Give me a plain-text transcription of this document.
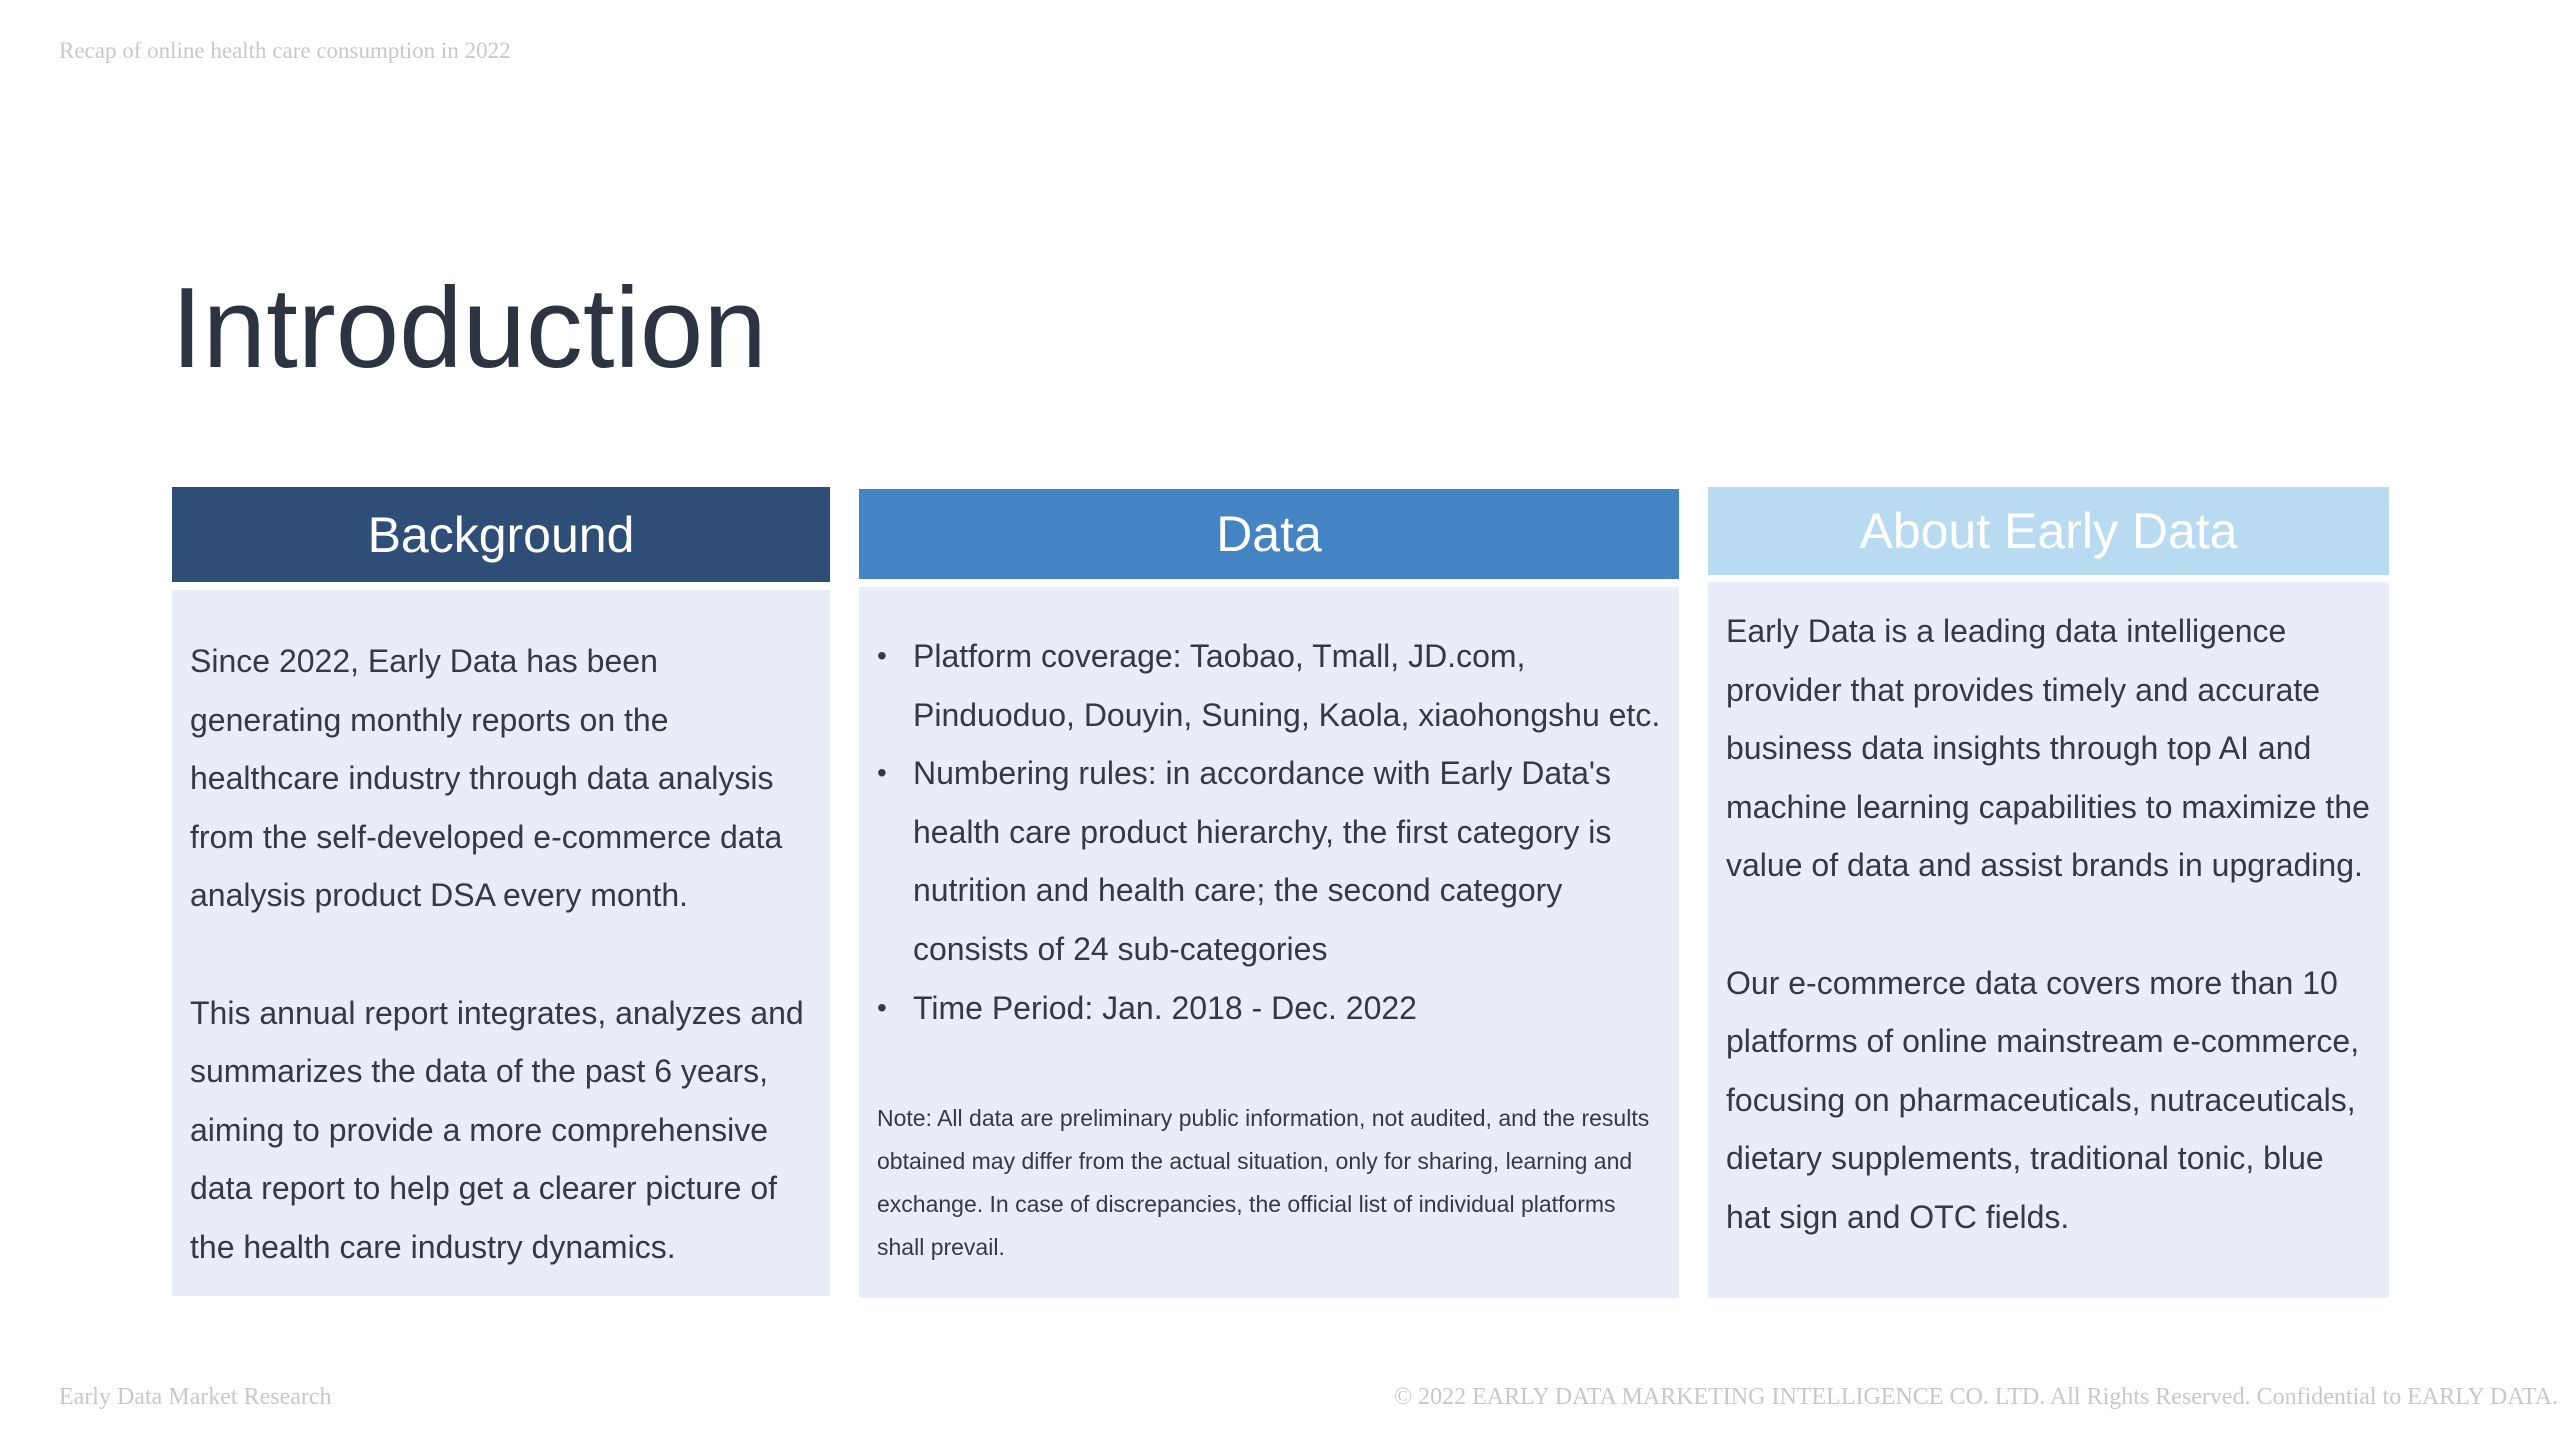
Recap of online health care consumption in 2022
Introduction
Background

Since 2022, Early Data has been generating monthly reports on the healthcare industry through data analysis from the self-developed e-commerce data analysis product DSA every month.

This annual report integrates, analyzes and summarizes the data of the past 6 years, aiming to provide a more comprehensive data report to help get a clearer picture of the health care industry dynamics.

Data
• Platform coverage: Taobao, Tmall, JD.com, Pinduoduo, Douyin, Suning, Kaola, xiaohongshu etc.
• Numbering rules: in accordance with Early Data's health care product hierarchy, the first category is nutrition and health care; the second category consists of 24 sub-categories
• Time Period: Jan. 2018 - Dec. 2022
Note: All data are preliminary public information, not audited, and the results obtained may differ from the actual situation, only for sharing, learning and exchange. In case of discrepancies, the official list of individual platforms shall prevail.
About Early Data

Early Data is a leading data intelligence provider that provides timely and accurate business data insights through top AI and machine learning capabilities to maximize the value of data and assist brands in upgrading.

Our e-commerce data covers more than 10 platforms of online mainstream e-commerce, focusing on pharmaceuticals, nutraceuticals, dietary supplements, traditional tonic, blue hat sign and OTC fields.

Early Data Market Research	© 2022 EARLY DATA MARKETING INTELLIGENCE CO. LTD. All Rights Reserved. Confidential to EARLY DATA.
